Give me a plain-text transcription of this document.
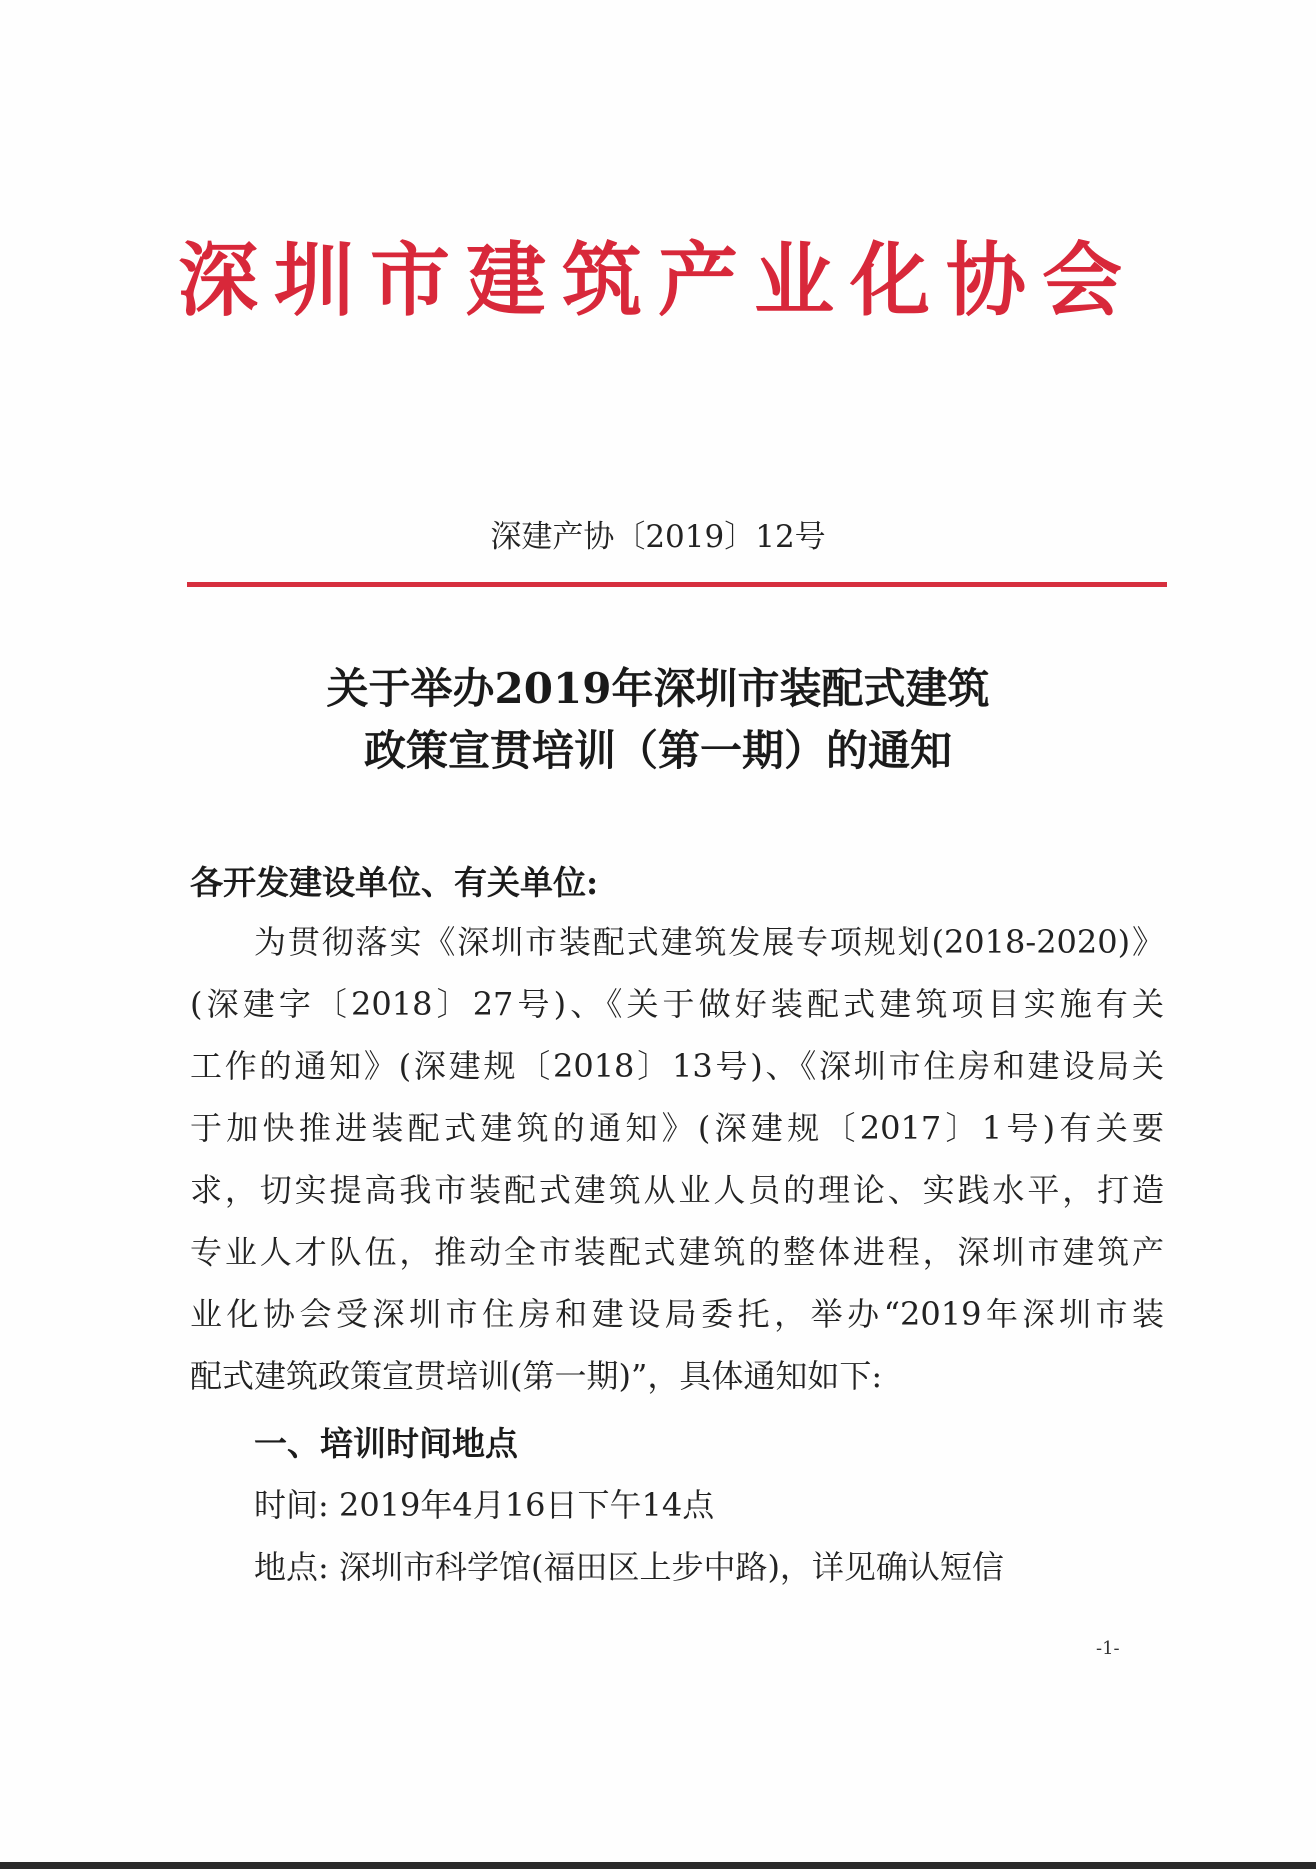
深圳市建筑产业化协会
深建产协〔2019〕12号
关于举办2019年深圳市装配式建筑
政策宣贯培训（第一期）的通知
各开发建设单位、有关单位:
为贯彻落实《深圳市装配式建筑发展专项规划(2018-2020)》
(深建字〔2018〕27号)、《关于做好装配式建筑项目实施有关
工作的通知》(深建规〔2018〕13号)、《深圳市住房和建设局关
于加快推进装配式建筑的通知》(深建规〔2017〕1号)有关要
求，切实提高我市装配式建筑从业人员的理论、实践水平，打造
专业人才队伍，推动全市装配式建筑的整体进程，深圳市建筑产
业化协会受深圳市住房和建设局委托，举办“2019年深圳市装
配式建筑政策宣贯培训(第一期)”，具体通知如下:
一、培训时间地点
时间: 2019年4月16日下午14点
地点: 深圳市科学馆(福田区上步中路)，详见确认短信
-1-
